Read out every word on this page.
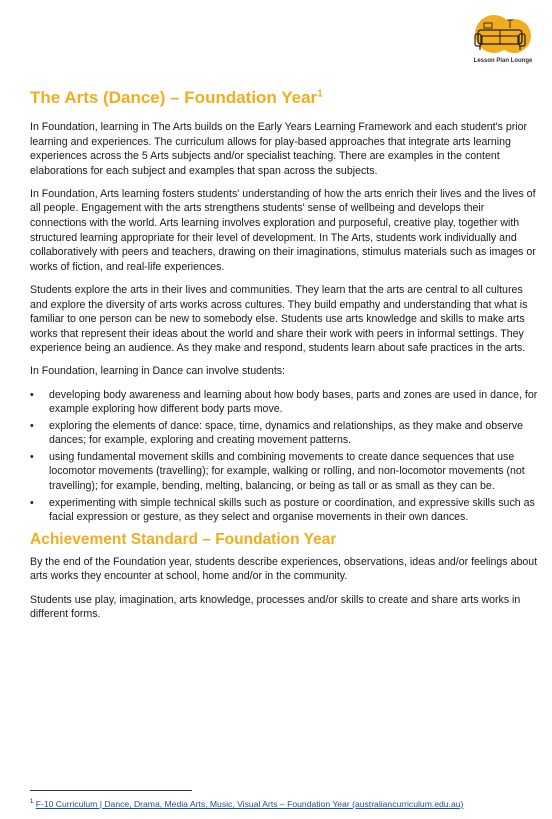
Lesson Plan Lounge
The Arts (Dance) – Foundation Year$^1$

In Foundation, learning in The Arts builds on the Early Years Learning Framework and each student's prior learning and experiences. The curriculum allows for play-based approaches that integrate arts learning experiences across the 5 Arts subjects and/or specialist teaching. There are examples in the content elaborations for each subject and examples that span across the subjects.

In Foundation, Arts learning fosters students' understanding of how the arts enrich their lives and the lives of all people. Engagement with the arts strengthens students' sense of wellbeing and develops their connections with the world. Arts learning involves exploration and purposeful, creative play, together with structured learning appropriate for their level of development. In The Arts, students work individually and collaboratively with peers and teachers, drawing on their imaginations, stimulus materials such as images or works of fiction, and real-life experiences.

Students explore the arts in their lives and communities. They learn that the arts are central to all cultures and explore the diversity of arts works across cultures. They build empathy and understanding that what is familiar to one person can be new to somebody else. Students use arts knowledge and skills to make arts works that represent their ideas about the world and share their work with peers in informal settings. They experience being an audience. As they make and respond, students learn about safe practices in the arts.

In Foundation, learning in Dance can involve students:

• developing body awareness and learning about how body bases, parts and zones are used in dance, for example exploring how different body parts move.
• exploring the elements of dance: space, time, dynamics and relationships, as they make and observe dances; for example, exploring and creating movement patterns.
• using fundamental movement skills and combining movements to create dance sequences that use locomotor movements (travelling); for example, walking or rolling, and non-locomotor movements (not travelling); for example, bending, melting, balancing, or being as tall or as small as they can be.
• experimenting with simple technical skills such as posture or coordination, and expressive skills such as facial expression or gesture, as they select and organise movements in their own dances.
Achievement Standard – Foundation Year

By the end of the Foundation year, students describe experiences, observations, ideas and/or feelings about arts works they encounter at school, home and/or in the community.

Students use play, imagination, arts knowledge, processes and/or skills to create and share arts works in different forms.

$^1$ F-10 Curriculum | Dance, Drama, Media Arts, Music, Visual Arts – Foundation Year (australiancurriculum.edu.au)
